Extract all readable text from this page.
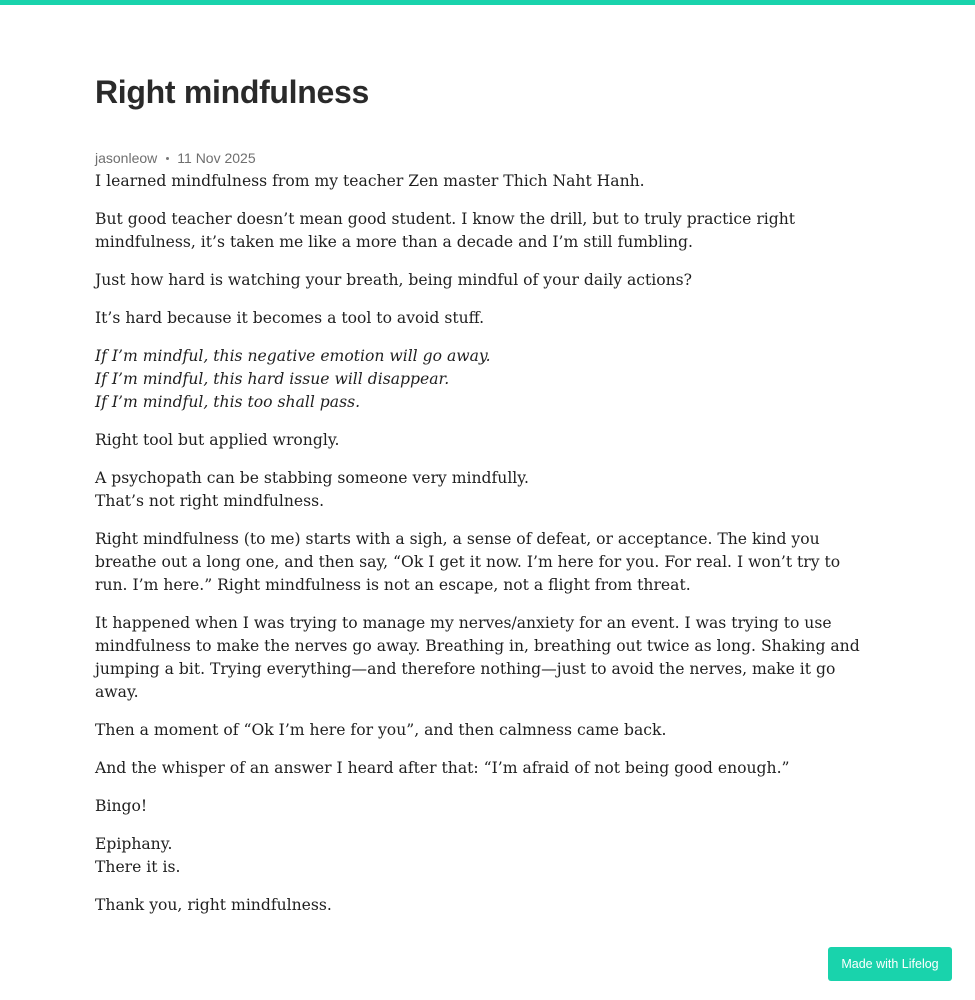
Right mindfulness
jasonleow 11 Nov 2025

I learned mindfulness from my teacher Zen master Thich Naht Hanh.

But good teacher doesn’t mean good student. I know the drill, but to truly practice right mindfulness, it’s taken me like a more than a decade and I’m still fumbling.

Just how hard is watching your breath, being mindful of your daily actions?

It’s hard because it becomes a tool to avoid stuff.

If I’m mindful, this negative emotion will go away.
If I’m mindful, this hard issue will disappear.
If I’m mindful, this too shall pass.

Right tool but applied wrongly.

A psychopath can be stabbing someone very mindfully.
That’s not right mindfulness.

Right mindfulness (to me) starts with a sigh, a sense of defeat, or acceptance. The kind you breathe out a long one, and then say, “Ok I get it now. I’m here for you. For real. I won’t try to run. I’m here.” Right mindfulness is not an escape, not a flight from threat.

It happened when I was trying to manage my nerves/anxiety for an event. I was trying to use mindfulness to make the nerves go away. Breathing in, breathing out twice as long. Shaking and jumping a bit. Trying everything—and therefore nothing—just to avoid the nerves, make it go away.

Then a moment of “Ok I’m here for you”, and then calmness came back.

And the whisper of an answer I heard after that: “I’m afraid of not being good enough.”

Bingo!

Epiphany.
There it is.

Thank you, right mindfulness.

Made with Lifelog
